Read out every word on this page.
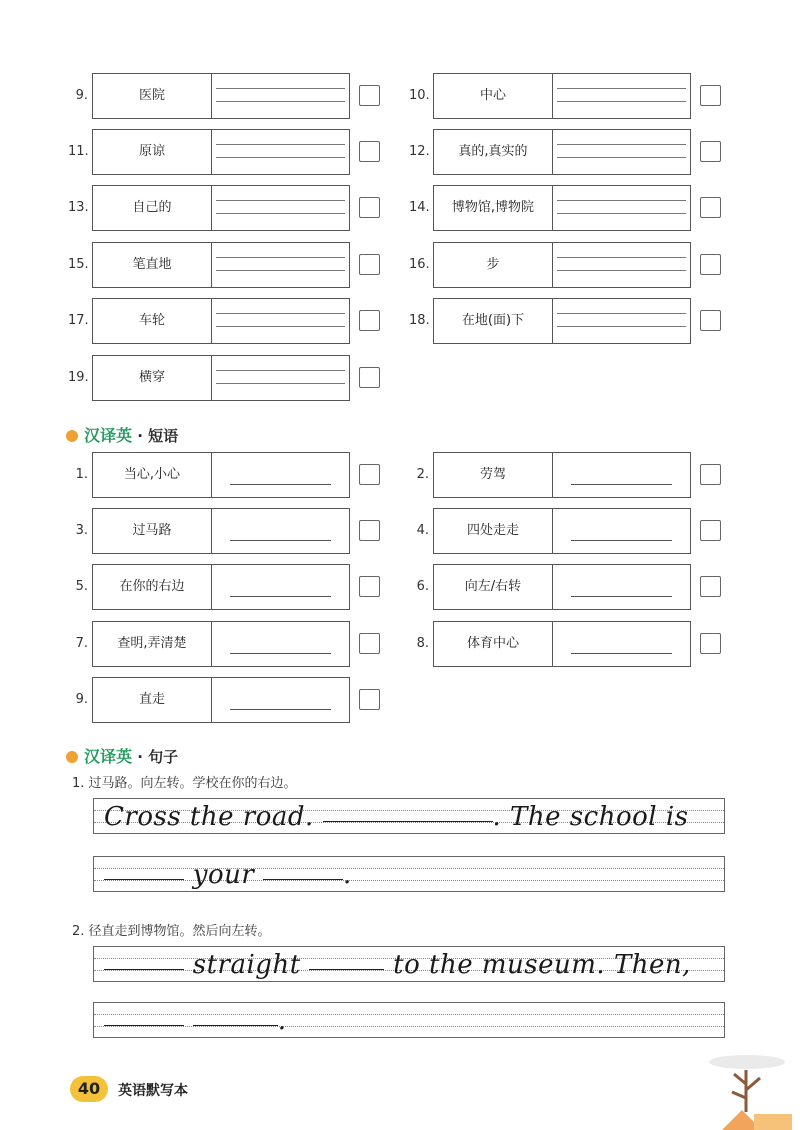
9.	医院	10.	中心
11.	原谅	12.	真的,真实的
13.	自己的	14.	博物馆,博物院
15.	笔直地	16.	步
17.	车轮	18.	在地(面)下
19.	横穿
汉译英 · 短语
1.	当心,小心	2.	劳驾
3.	过马路	4.	四处走走
5.	在你的右边	6.	向左/右转
7.	查明,弄清楚	8.	体育中心
9.	直走
汉译英 · 句子
1. 过马路。向左转。学校在你的右边。
Cross the road.	. The school is
your	.
2. 径直走到博物馆。然后向左转。
straight	to the museum. Then,
.
40	英语默写本
